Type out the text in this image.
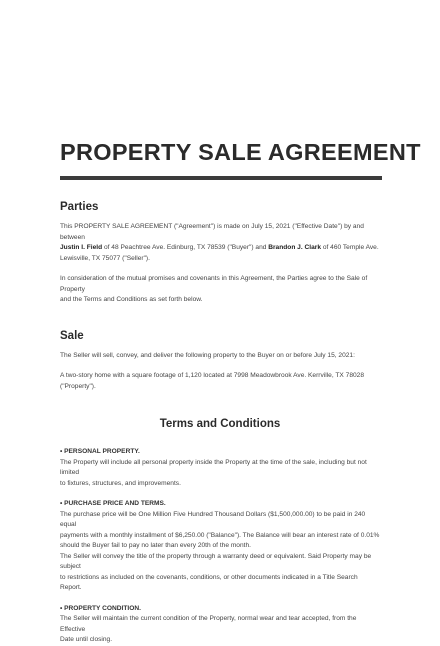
PROPERTY SALE AGREEMENT
Parties

This PROPERTY SALE AGREEMENT ("Agreement") is made on July 15, 2021 ("Effective Date") by and between
Justin I. Field of 48 Peachtree Ave. Edinburg, TX 78539 ("Buyer") and Brandon J. Clark of 460 Temple Ave.
Lewisville, TX 75077 ("Seller").

In consideration of the mutual promises and covenants in this Agreement, the Parties agree to the Sale of Property
and the Terms and Conditions as set forth below.

Sale

The Seller will sell, convey, and deliver the following property to the Buyer on or before July 15, 2021:

A two-story home with a square footage of 1,120 located at 7998 Meadowbrook Ave. Kerrville, TX 78028
("Property").

Terms and Conditions

• PERSONAL PROPERTY.

The Property will include all personal property inside the Property at the time of the sale, including but not limited
to fixtures, structures, and improvements.

• PURCHASE PRICE AND TERMS.

The purchase price will be One Million Five Hundred Thousand Dollars ($1,500,000.00) to be paid in 240 equal
payments with a monthly installment of $6,250.00 ("Balance"). The Balance will bear an interest rate of 0.01%
should the Buyer fail to pay no later than every 20th of the month.
The Seller will convey the title of the property through a warranty deed or equivalent. Said Property may be subject
to restrictions as included on the covenants, conditions, or other documents indicated in a Title Search Report.

• PROPERTY CONDITION.

The Seller will maintain the current condition of the Property, normal wear and tear accepted, from the Effective
Date until closing.
